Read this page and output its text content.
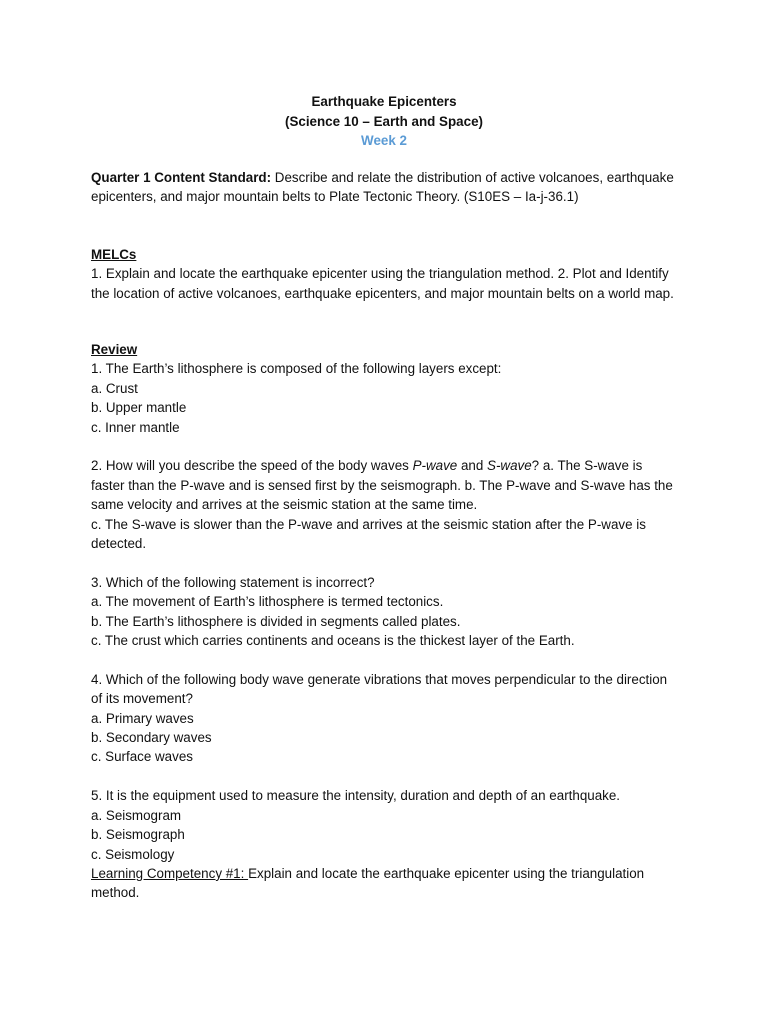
Earthquake Epicenters
(Science 10 – Earth and Space)
Week 2

Quarter 1 Content Standard: Describe and relate the distribution of active volcanoes, earthquake epicenters, and major mountain belts to Plate Tectonic Theory. (S10ES – Ia-j-36.1)

MELCs

1. Explain and locate the earthquake epicenter using the triangulation method. 2. Plot and Identify the location of active volcanoes, earthquake epicenters, and major mountain belts on a world map.

Review

1. The Earth’s lithosphere is composed of the following layers except:

a. Crust

b. Upper mantle

c. Inner mantle

2. How will you describe the speed of the body waves P-wave and S-wave? a. The S-wave is faster than the P-wave and is sensed first by the seismograph. b. The P-wave and S-wave has the same velocity and arrives at the seismic station at the same time.

c. The S-wave is slower than the P-wave and arrives at the seismic station after the P-wave is detected.

3. Which of the following statement is incorrect?

a. The movement of Earth’s lithosphere is termed tectonics.

b. The Earth’s lithosphere is divided in segments called plates.

c. The crust which carries continents and oceans is the thickest layer of the Earth.

4. Which of the following body wave generate vibrations that moves perpendicular to the direction of its movement?

a. Primary waves

b. Secondary waves

c. Surface waves

5. It is the equipment used to measure the intensity, duration and depth of an earthquake.

a. Seismogram

b. Seismograph

c. Seismology

Learning Competency #1: Explain and locate the earthquake epicenter using the triangulation method.
